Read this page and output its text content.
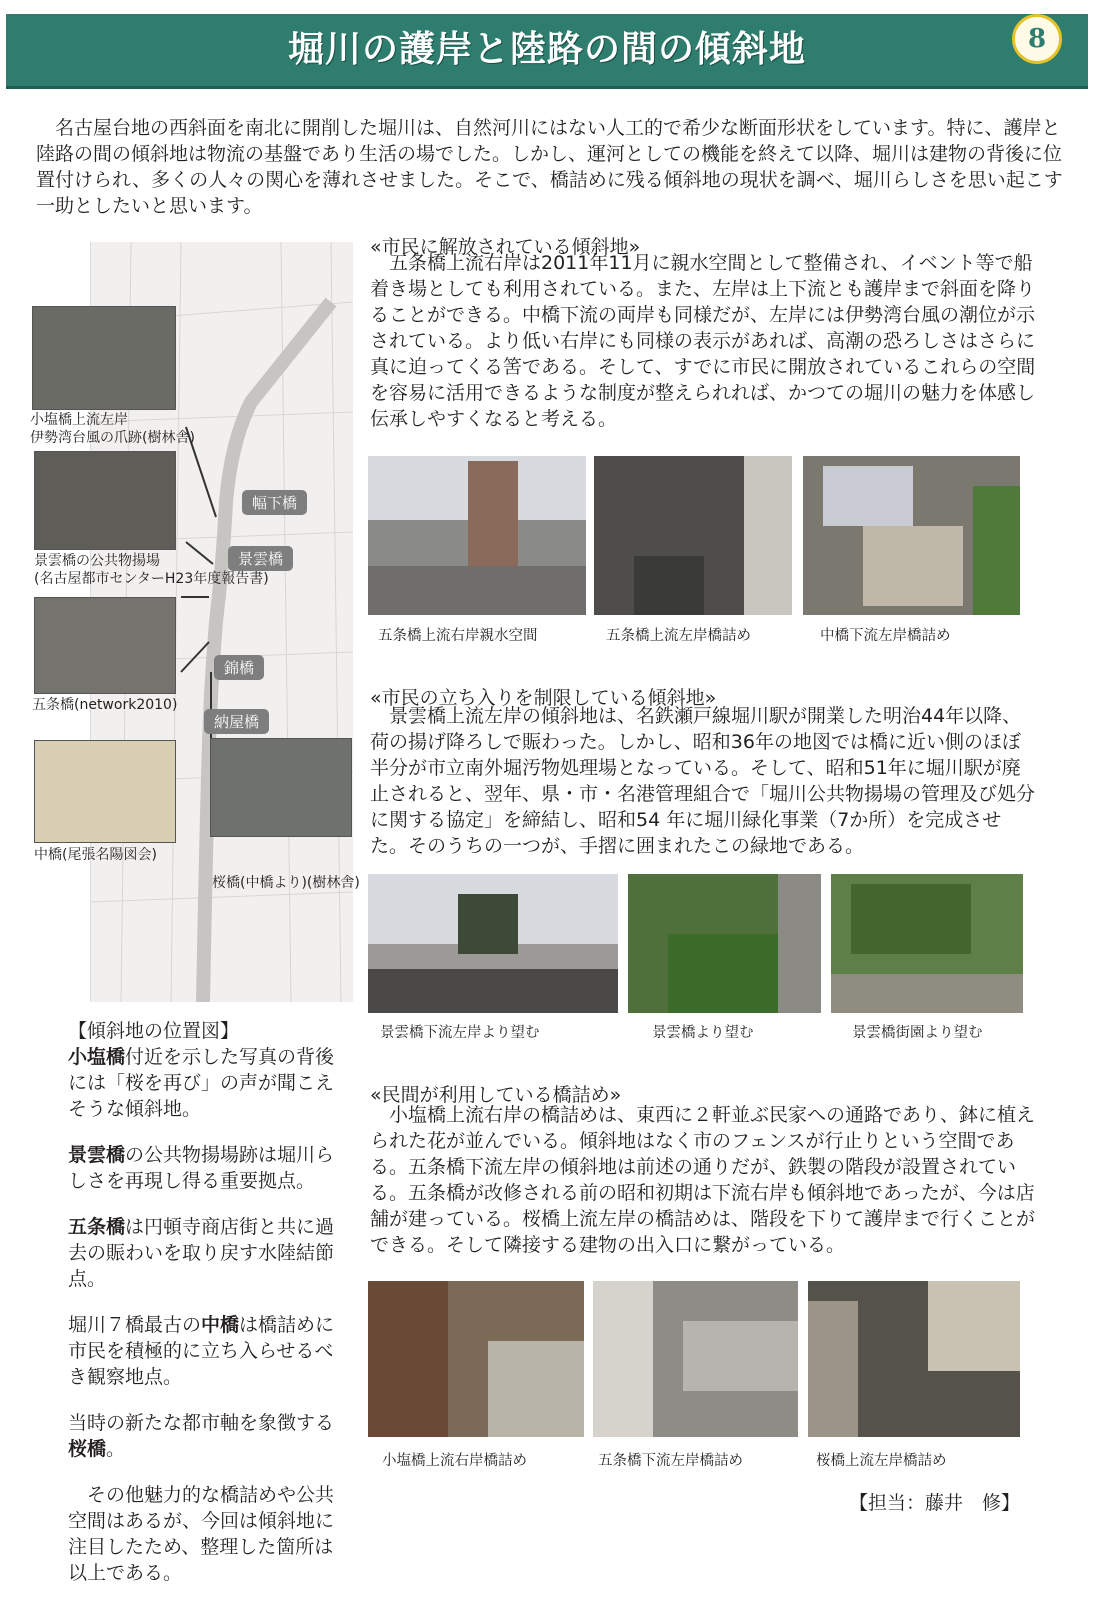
堀川の護岸と陸路の間の傾斜地	8
　名古屋台地の西斜面を南北に開削した堀川は、自然河川にはない人工的で希少な断面形状をしています。特に、護岸と陸路の間の傾斜地は物流の基盤であり生活の場でした。しかし、運河としての機能を終えて以降、堀川は建物の背後に位置付けられ、多くの人々の関心を薄れさせました。そこで、橋詰めに残る傾斜地の現状を調べ、堀川らしさを思い起こす一助としたいと思います。
小塩橋上流左岸
伊勢湾台風の爪跡(樹林舎)
景雲橋の公共物揚場
(名古屋都市センターH23年度報告書)
五条橋(network2010)
中橋(尾張名陽図会)
桜橋(中橋より)(樹林舎)
幅下橋
景雲橋
錦橋
納屋橋
«市民に解放されている傾斜地»
　五条橋上流右岸は2011年11月に親水空間として整備され、イベント等で船着き場としても利用されている。また、左岸は上下流とも護岸まで斜面を降りることができる。中橋下流の両岸も同様だが、左岸には伊勢湾台風の潮位が示されている。より低い右岸にも同様の表示があれば、高潮の恐ろしさはさらに真に迫ってくる筈である。そして、すでに市民に開放されているこれらの空間を容易に活用できるような制度が整えられれば、かつての堀川の魅力を体感し伝承しやすくなると考える。
五条橋上流右岸親水空間	五条橋上流左岸橋詰め	中橋下流左岸橋詰め
«市民の立ち入りを制限している傾斜地»
　景雲橋上流左岸の傾斜地は、名鉄瀬戸線堀川駅が開業した明治44年以降、荷の揚げ降ろしで賑わった。しかし、昭和36年の地図では橋に近い側のほぼ 半分が市立南外堀汚物処理場となっている。そして、昭和51年に堀川駅が廃止されると、翌年、県・市・名港管理組合で「堀川公共物揚場の管理及び処分に関する協定」を締結し、昭和54 年に堀川緑化事業（7か所）を完成させた。そのうちの一つが、手摺に囲まれたこの緑地である。
景雲橋下流左岸より望む	景雲橋より望む	景雲橋街園より望む
«民間が利用している橋詰め»
　小塩橋上流右岸の橋詰めは、東西に２軒並ぶ民家への通路であり、鉢に植えられた花が並んでいる。傾斜地はなく市のフェンスが行止りという空間である。五条橋下流左岸の傾斜地は前述の通りだが、鉄製の階段が設置されている。五条橋が改修される前の昭和初期は下流右岸も傾斜地であったが、今は店舗が建っている。桜橋上流左岸の橋詰めは、階段を下りて護岸まで行くことができる。そして隣接する建物の出入口に繋がっている。
小塩橋上流右岸橋詰め	五条橋下流左岸橋詰め	桜橋上流左岸橋詰め

【傾斜地の位置図】

小塩橋付近を示した写真の背後には「桜を再び」の声が聞こえそうな傾斜地。

景雲橋の公共物揚場跡は堀川らしさを再現し得る重要拠点。

五条橋は円頓寺商店街と共に過去の賑わいを取り戻す水陸結節点。

堀川７橋最古の中橋は橋詰めに市民を積極的に立ち入らせるべき観察地点。

当時の新たな都市軸を象徴する桜橋。

　その他魅力的な橋詰めや公共空間はあるが、今回は傾斜地に注目したため、整理した箇所は以上である。

【担当：藤井　修】
